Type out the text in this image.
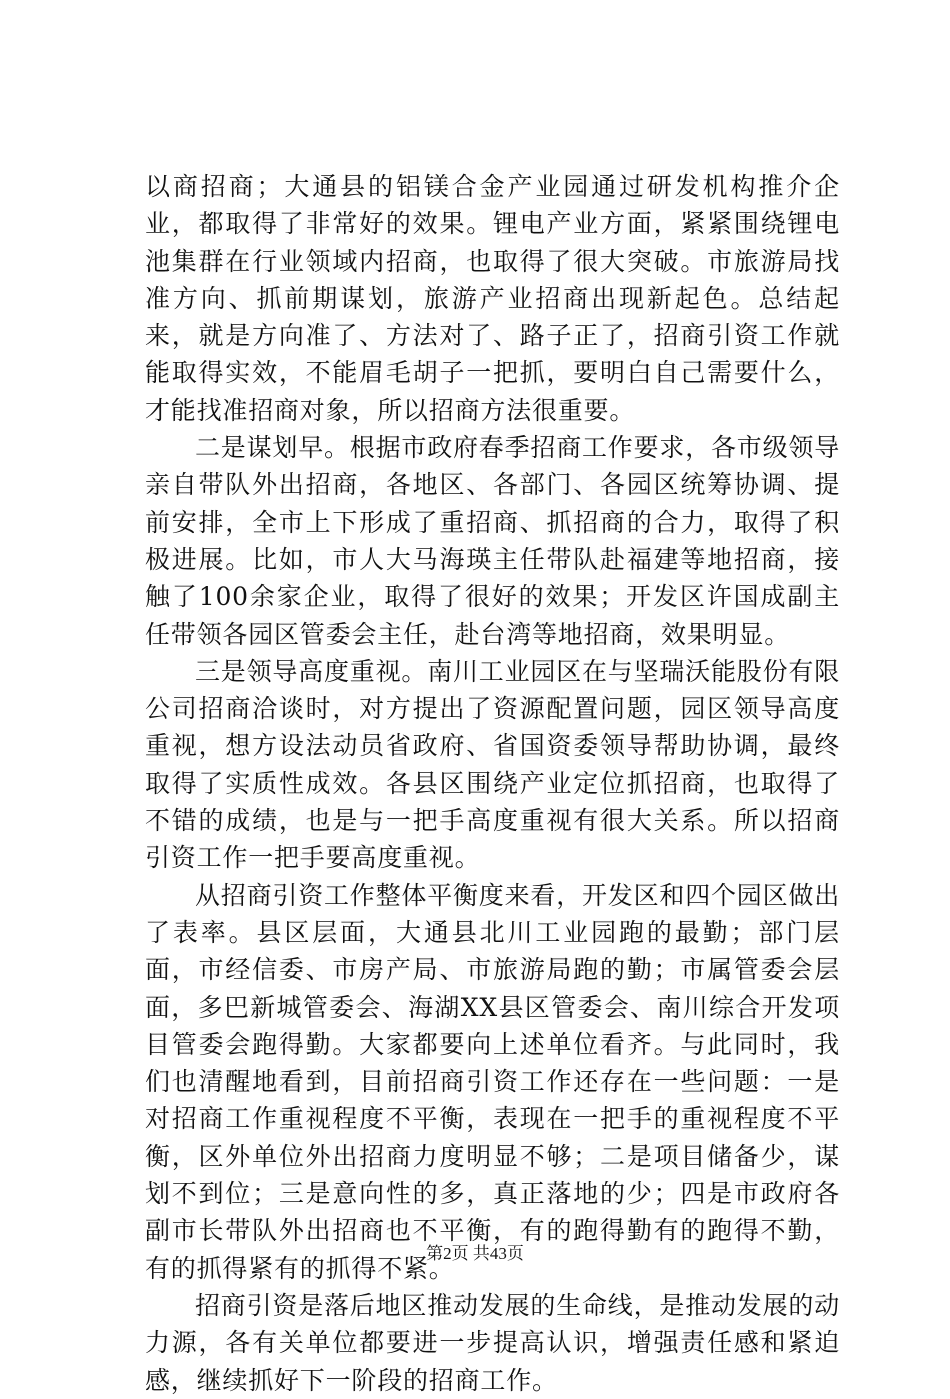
以商招商；大通县的铝镁合金产业园通过研发机构推介企业，都取得了非常好的效果。锂电产业方面，紧紧围绕锂电池集群在行业领域内招商，也取得了很大突破。市旅游局找准方向、抓前期谋划，旅游产业招商出现新起色。总结起来，就是方向准了、方法对了、路子正了，招商引资工作就能取得实效，不能眉毛胡子一把抓，要明白自己需要什么，才能找准招商对象，所以招商方法很重要。

二是谋划早。根据市政府春季招商工作要求，各市级领导亲自带队外出招商，各地区、各部门、各园区统筹协调、提前安排，全市上下形成了重招商、抓招商的合力，取得了积极进展。比如，市人大马海瑛主任带队赴福建等地招商，接触了100余家企业，取得了很好的效果；开发区许国成副主任带领各园区管委会主任，赴台湾等地招商，效果明显。

三是领导高度重视。南川工业园区在与坚瑞沃能股份有限公司招商洽谈时，对方提出了资源配置问题，园区领导高度重视，想方设法动员省政府、省国资委领导帮助协调，最终取得了实质性成效。各县区围绕产业定位抓招商，也取得了不错的成绩，也是与一把手高度重视有很大关系。所以招商引资工作一把手要高度重视。

从招商引资工作整体平衡度来看，开发区和四个园区做出了表率。县区层面，大通县北川工业园跑的最勤；部门层面，市经信委、市房产局、市旅游局跑的勤；市属管委会层面，多巴新城管委会、海湖XX县区管委会、南川综合开发项目管委会跑得勤。大家都要向上述单位看齐。与此同时，我们也清醒地看到，目前招商引资工作还存在一些问题：一是对招商工作重视程度不平衡，表现在一把手的重视程度不平衡，区外单位外出招商力度明显不够；二是项目储备少，谋划不到位；三是意向性的多，真正落地的少；四是市政府各副市长带队外出招商也不平衡，有的跑得勤有的跑得不勤，有的抓得紧有的抓得不紧。

招商引资是落后地区推动发展的生命线，是推动发展的动力源，各有关单位都要进一步提高认识，增强责任感和紧迫感，继续抓好下一阶段的招商工作。

第2页 共43页
